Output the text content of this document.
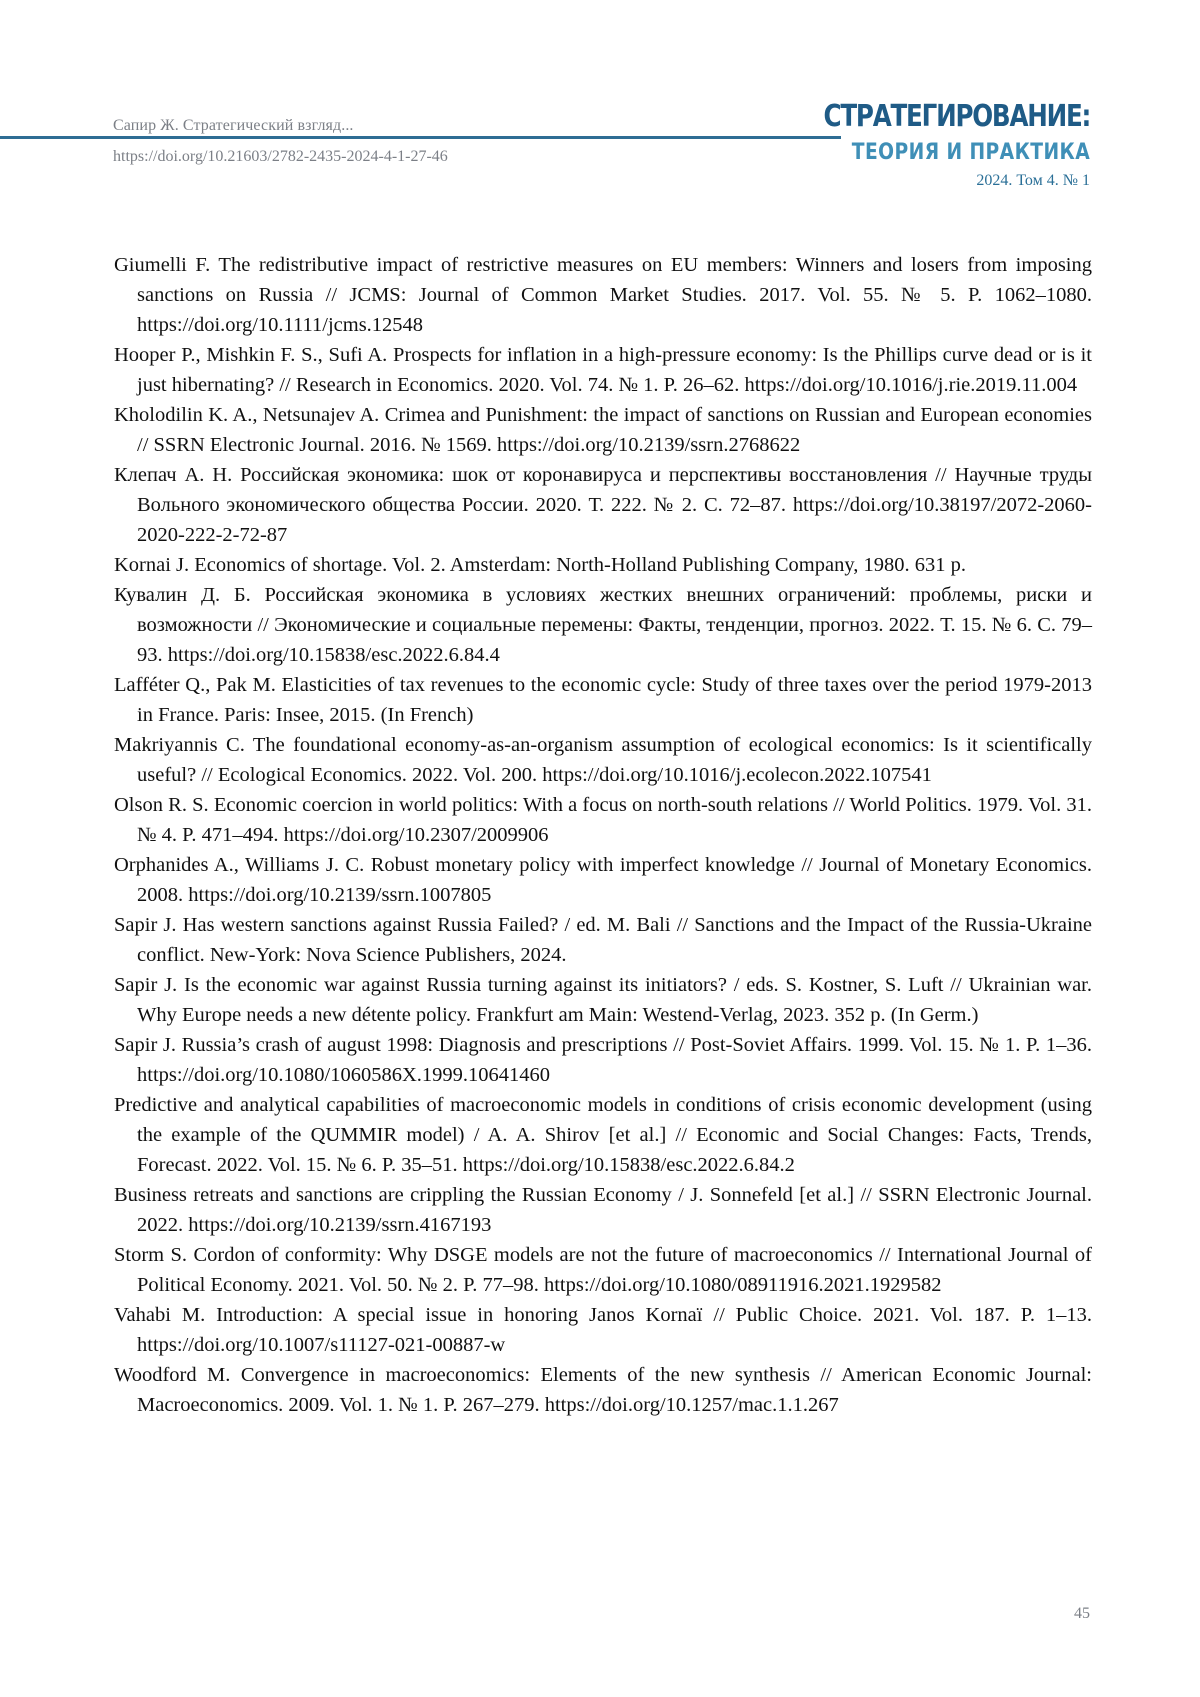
Сапир Ж. Стратегический взгляд...
https://doi.org/10.21603/2782-2435-2024-4-1-27-46
СТРАТЕГИРОВАНИЕ:
ТЕОРИЯ И ПРАКТИКА
2024. Том 4. № 1

Giumelli F. The redistributive impact of restrictive measures on EU members: Winners and losers from imposing sanctions on Russia // JCMS: Journal of Common Market Studies. 2017. Vol. 55. № 5. P. 1062–1080. https://doi.org/10.1111/jcms.12548

Hooper P., Mishkin F. S., Sufi A. Prospects for inflation in a high-pressure economy: Is the Phillips curve dead or is it just hibernating? // Research in Economics. 2020. Vol. 74. № 1. P. 26–62. https://doi.org/10.1016/j.rie.2019.11.004

Kholodilin K. A., Netsunajev A. Crimea and Punishment: the impact of sanctions on Russian and European economies // SSRN Electronic Journal. 2016. № 1569. https://doi.org/10.2139/ssrn.2768622

Клепач А. Н. Российская экономика: шок от коронавируса и перспективы восстановления // Научные труды Вольного экономического общества России. 2020. Т. 222. № 2. С. 72–87. https://doi.org/10.38197/2072-2060-2020-222-2-72-87

Kornai J. Economics of shortage. Vol. 2. Amsterdam: North-Holland Publishing Company, 1980. 631 p.

Кувалин Д. Б. Российская экономика в условиях жестких внешних ограничений: проблемы, риски и возможности // Экономические и социальные перемены: Факты, тенденции, прогноз. 2022. Т. 15. № 6. С. 79–93. https://doi.org/10.15838/esc.2022.6.84.4

Lafféter Q., Pak M. Elasticities of tax revenues to the economic cycle: Study of three taxes over the period 1979-2013 in France. Paris: Insee, 2015. (In French)

Makriyannis C. The foundational economy-as-an-organism assumption of ecological economics: Is it scientifically useful? // Ecological Economics. 2022. Vol. 200. https://doi.org/10.1016/j.ecolecon.2022.107541

Olson R. S. Economic coercion in world politics: With a focus on north-south relations // World Politics. 1979. Vol. 31. № 4. P. 471–494. https://doi.org/10.2307/2009906

Orphanides A., Williams J. C. Robust monetary policy with imperfect knowledge // Journal of Monetary Economics. 2008. https://doi.org/10.2139/ssrn.1007805

Sapir J. Has western sanctions against Russia Failed? / ed. M. Bali // Sanctions and the Impact of the Russia-Ukraine conflict. New-York: Nova Science Publishers, 2024.

Sapir J. Is the economic war against Russia turning against its initiators? / eds. S. Kostner, S. Luft // Ukrainian war. Why Europe needs a new détente policy. Frankfurt am Main: Westend-Verlag, 2023. 352 p. (In Germ.)

Sapir J. Russia’s crash of august 1998: Diagnosis and prescriptions // Post-Soviet Affairs. 1999. Vol. 15. № 1. P. 1–36. https://doi.org/10.1080/1060586X.1999.10641460

Predictive and analytical capabilities of macroeconomic models in conditions of crisis economic development (using the example of the QUMMIR model) / A. A. Shirov [et al.] // Economic and Social Changes: Facts, Trends, Forecast. 2022. Vol. 15. № 6. P. 35–51. https://doi.org/10.15838/esc.2022.6.84.2

Business retreats and sanctions are crippling the Russian Economy / J. Sonnefeld [et al.] // SSRN Electronic Journal. 2022. https://doi.org/10.2139/ssrn.4167193

Storm S. Cordon of conformity: Why DSGE models are not the future of macroeconomics // International Journal of Political Economy. 2021. Vol. 50. № 2. P. 77–98. https://doi.org/10.1080/08911916.2021.1929582

Vahabi M. Introduction: A special issue in honoring Janos Kornaï // Public Choice. 2021. Vol. 187. P. 1–13. https://doi.org/10.1007/s11127-021-00887-w

Woodford M. Convergence in macroeconomics: Elements of the new synthesis // American Economic Journal: Macroeconomics. 2009. Vol. 1. № 1. P. 267–279. https://doi.org/10.1257/mac.1.1.267

45
